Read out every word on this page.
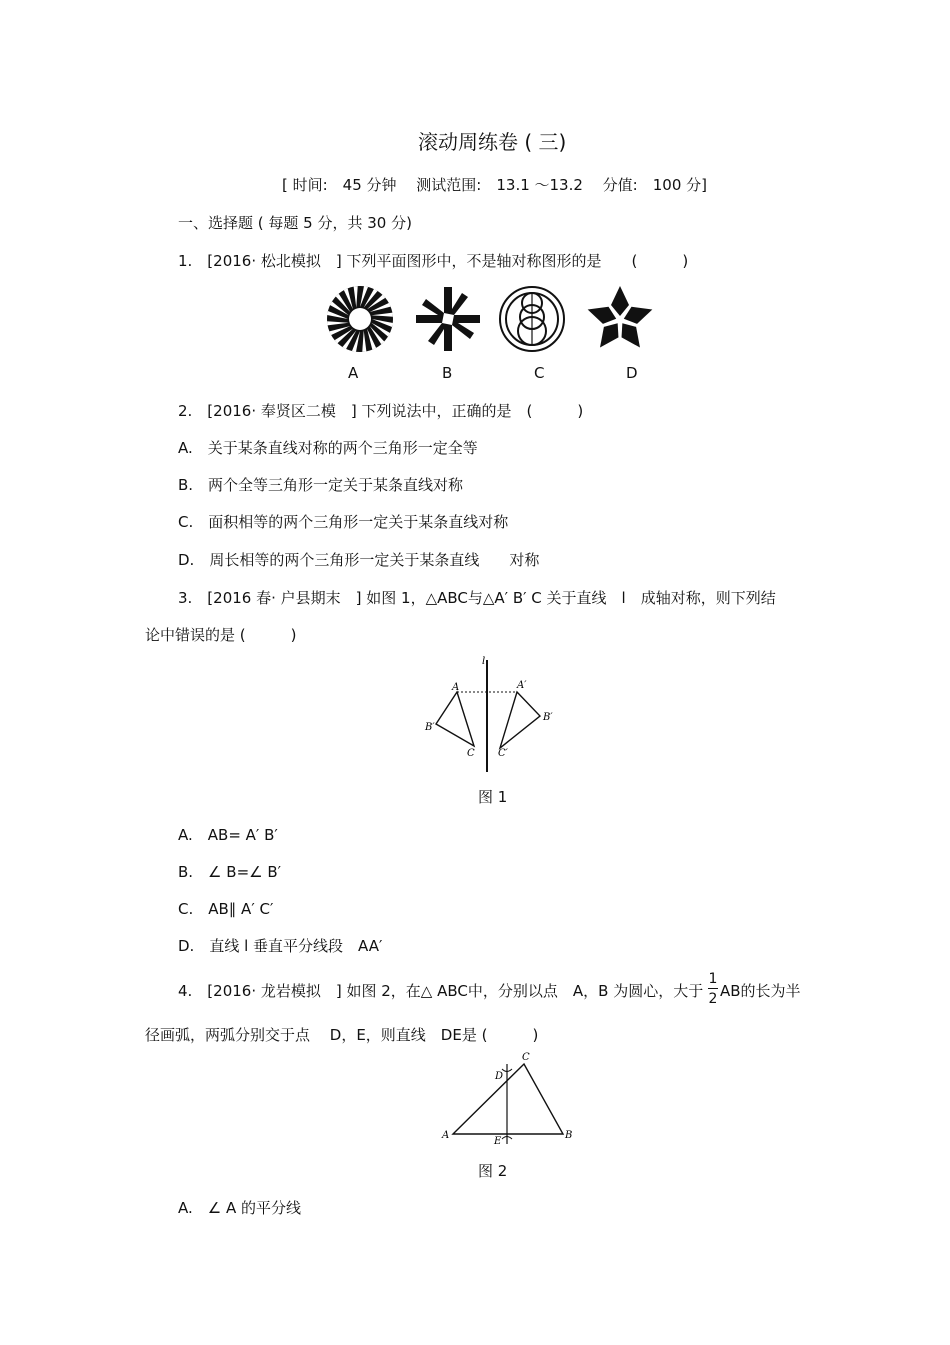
滚动周练卷 ( 三)
[ 时间:　45 分钟　 测试范围:　13.1 ～13.2　 分值:　100 分]
一、选择题 ( 每题 5 分，共 30 分)
1.　[2016· 松北模拟　] 下列平面图形中，不是轴对称图形的是　　(　　　)
A	B	C	D
2.　[2016· 奉贤区二模　] 下列说法中，正确的是　(　　　)
A.　关于某条直线对称的两个三角形一定全等
B.　两个全等三角形一定关于某条直线对称
C.　面积相等的两个三角形一定关于某条直线对称
D.　周长相等的两个三角形一定关于某条直线　　对称
3.　[2016 春· 户县期末　] 如图 1，△ABC与△A′ B′ C 关于直线　l　成轴对称，则下列结
论中错误的是 (　　　)
l
A	A′
B′
B′
C C′
图 1
A.　AB= A′ B′
B.　∠ B=∠ B′
C.　AB∥ A′ C′
D.　直线 l 垂直平分线段　AA′
4.　[2016· 龙岩模拟　] 如图 2，在△ ABC中，分别以点　A，B 为圆心，大于
1
2 AB的长为半
径画弧，两弧分别交于点　 D，E，则直线　DE是 (　　　)
A	B
C
D
E
图 2
A.　∠ A 的平分线
